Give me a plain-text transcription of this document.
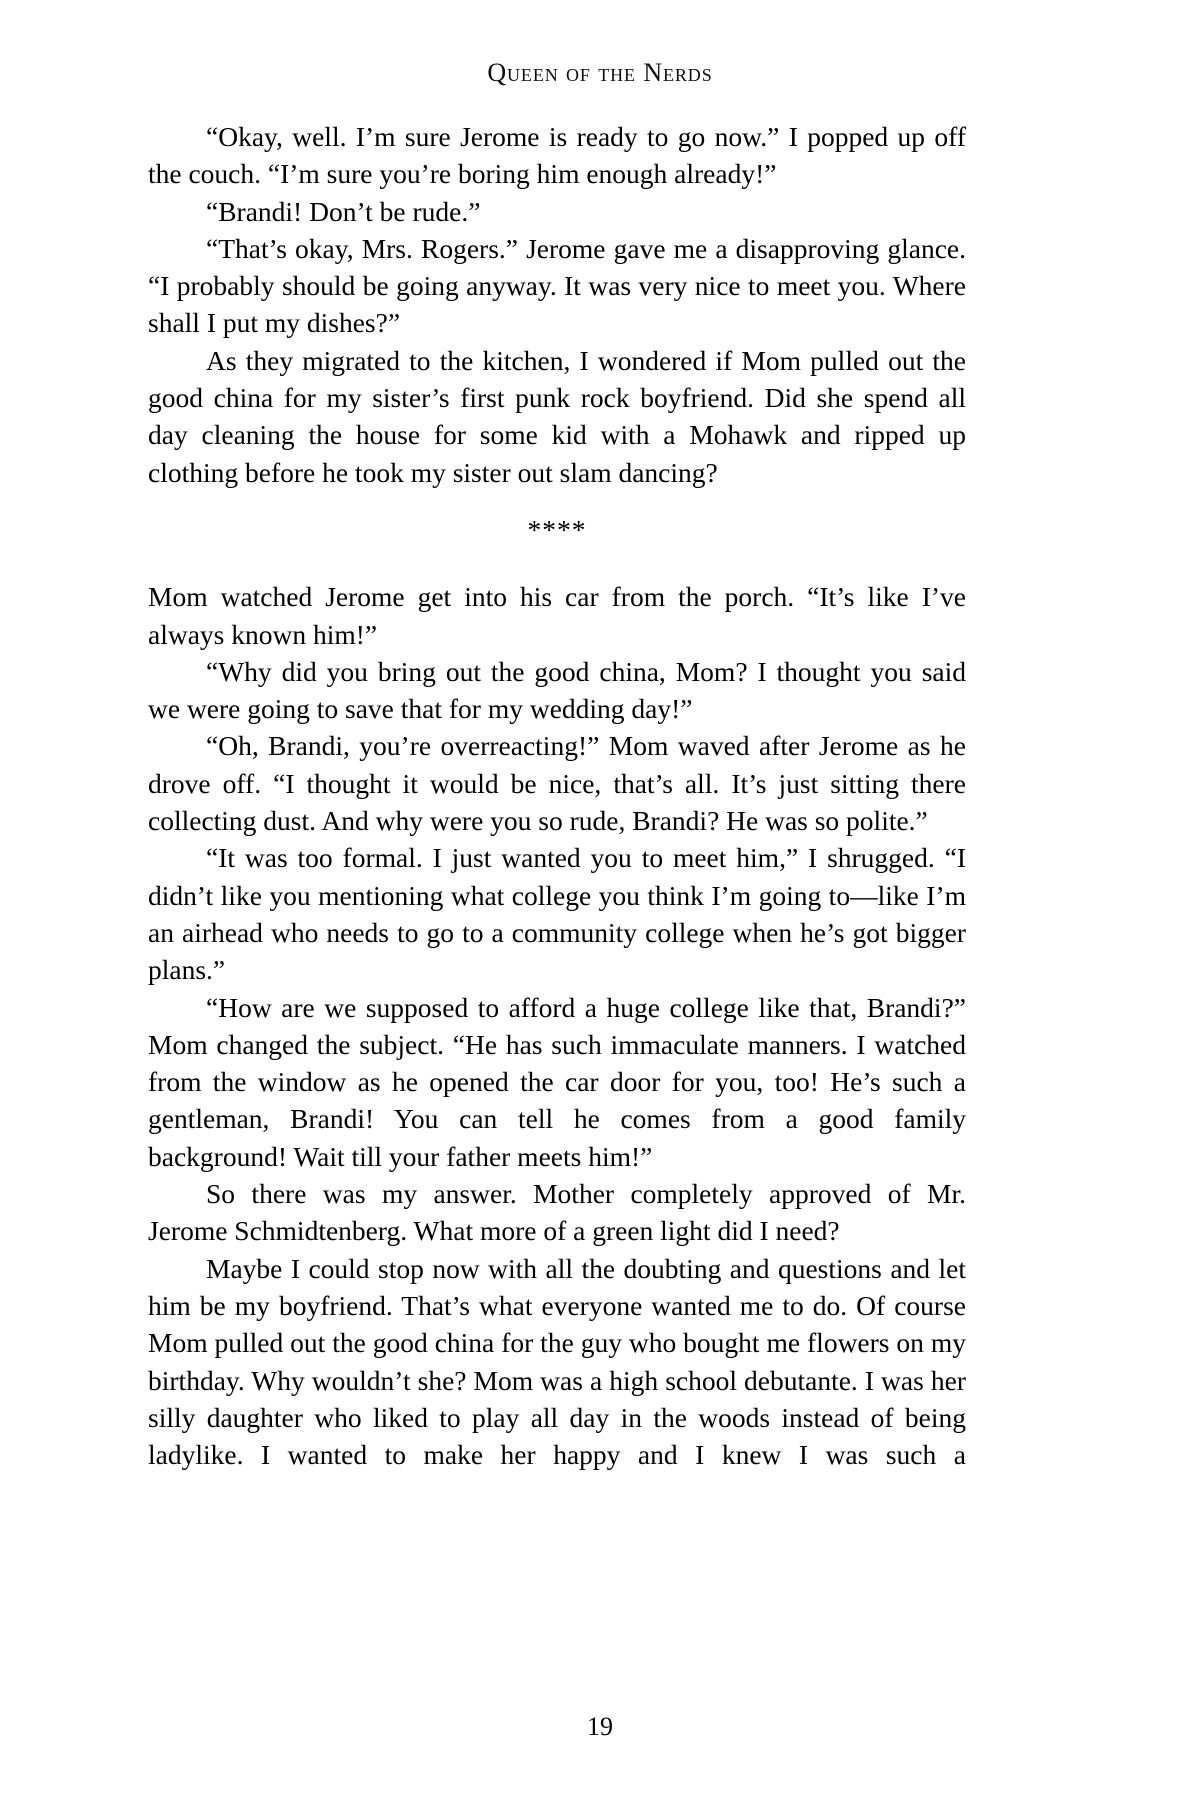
Queen of the Nerds

“Okay, well. I’m sure Jerome is ready to go now.” I popped up off the couch. “I’m sure you’re boring him enough already!”

“Brandi! Don’t be rude.”

“That’s okay, Mrs. Rogers.” Jerome gave me a disapproving glance. “I probably should be going anyway. It was very nice to meet you. Where shall I put my dishes?”

As they migrated to the kitchen, I wondered if Mom pulled out the good china for my sister’s first punk rock boyfriend. Did she spend all day cleaning the house for some kid with a Mohawk and ripped up clothing before he took my sister out slam dancing?

****

Mom watched Jerome get into his car from the porch. “It’s like I’ve always known him!”

“Why did you bring out the good china, Mom? I thought you said we were going to save that for my wedding day!”

“Oh, Brandi, you’re overreacting!” Mom waved after Jerome as he drove off. “I thought it would be nice, that’s all. It’s just sitting there collecting dust. And why were you so rude, Brandi? He was so polite.”

“It was too formal. I just wanted you to meet him,” I shrugged. “I didn’t like you mentioning what college you think I’m going to—like I’m an airhead who needs to go to a community college when he’s got bigger plans.”

“How are we supposed to afford a huge college like that, Brandi?” Mom changed the subject. “He has such immaculate manners. I watched from the window as he opened the car door for you, too! He’s such a gentleman, Brandi! You can tell he comes from a good family background! Wait till your father meets him!”

So there was my answer. Mother completely approved of Mr. Jerome Schmidtenberg. What more of a green light did I need?

Maybe I could stop now with all the doubting and questions and let him be my boyfriend. That’s what everyone wanted me to do. Of course Mom pulled out the good china for the guy who bought me flowers on my birthday. Why wouldn’t she? Mom was a high school debutante. I was her silly daughter who liked to play all day in the woods instead of being ladylike. I wanted to make her happy and I knew I was such a

19
